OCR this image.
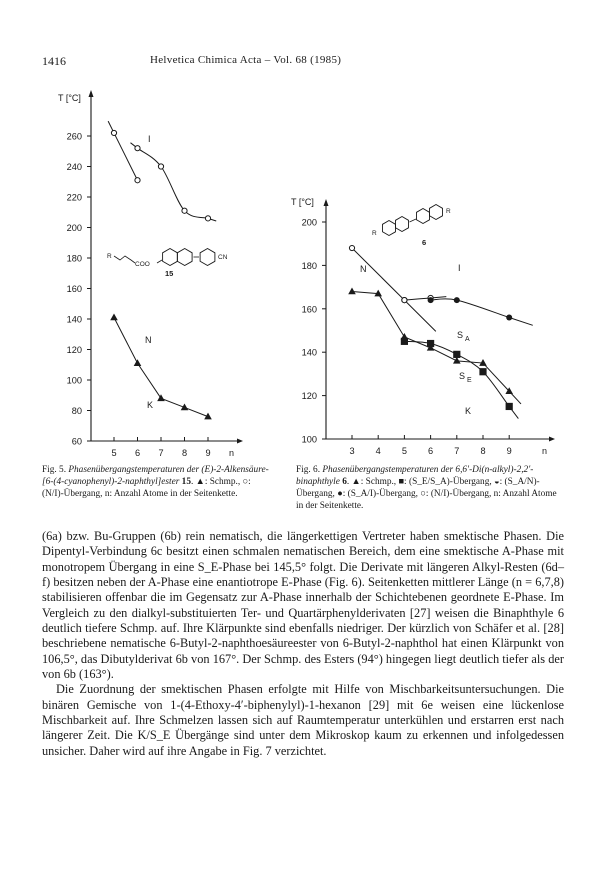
1416	Helvetica Chimica Acta – Vol. 68 (1985)
60
80
100
120
140
160
180
200
220
240
260
5 6 7 8 9 n
T [°C]
I
N
K
R
COO
CN
15
100
120
140
160
180
200
3 4 5 6 7 8 9	n
T [°C]
N	I
S A
S E
K
R
R
6
Fig. 5. Phasenübergangstemperaturen der (E)-2-Alkensäure-[6-(4-cyanophenyl)-2-naphthyl]ester 15. ▲: Schmp., ○: (N/I)-Übergang, n: Anzahl Atome in der Seitenkette.
Fig. 6. Phasenübergangstemperaturen der 6,6′-Di(n-alkyl)-2,2′-binaphthyle 6. ▲: Schmp., ■: (S_E/S_A)-Übergang, ◒: (S_A/N)-Übergang, ●: (S_A/I)-Übergang, ○: (N/I)-Übergang, n: Anzahl Atome in der Seitenkette.

(6a) bzw. Bu-Gruppen (6b) rein nematisch, die längerkettigen Vertreter haben smektische Phasen. Die Dipentyl-Verbindung 6c besitzt einen schmalen nematischen Bereich, dem eine smektische A-Phase mit monotropem Übergang in eine S_E-Phase bei 145,5° folgt. Die Derivate mit längeren Alkyl-Resten (6d–f) besitzen neben der A-Phase eine enantiotrope E-Phase (Fig. 6). Seitenketten mittlerer Länge (n = 6,7,8) stabilisieren offenbar die im Gegensatz zur A-Phase innerhalb der Schichtebenen geordnete E-Phase. Im Vergleich zu den dialkyl-substituierten Ter- und Quartärphenylderivaten [27] weisen die Binaphthyle 6 deutlich tiefere Schmp. auf. Ihre Klärpunkte sind ebenfalls niedriger. Der kürzlich von Schäfer et al. [28] beschriebene nematische 6-Butyl-2-naphthoesäureester von 6-Butyl-2-naphthol hat einen Klärpunkt von 106,5°, das Dibutylderivat 6b von 167°. Der Schmp. des Esters (94°) hingegen liegt deutlich tiefer als der von 6b (163°).

Die Zuordnung der smektischen Phasen erfolgte mit Hilfe von Mischbarkeitsuntersuchungen. Die binären Gemische von 1-(4-Ethoxy-4′-biphenylyl)-1-hexanon [29] mit 6e weisen eine lückenlose Mischbarkeit auf. Ihre Schmelzen lassen sich auf Raumtemperatur unterkühlen und erstarren erst nach längerer Zeit. Die K/S_E Übergänge sind unter dem Mikroskop kaum zu erkennen und infolgedessen unsicher. Daher wird auf ihre Angabe in Fig. 7 verzichtet.
